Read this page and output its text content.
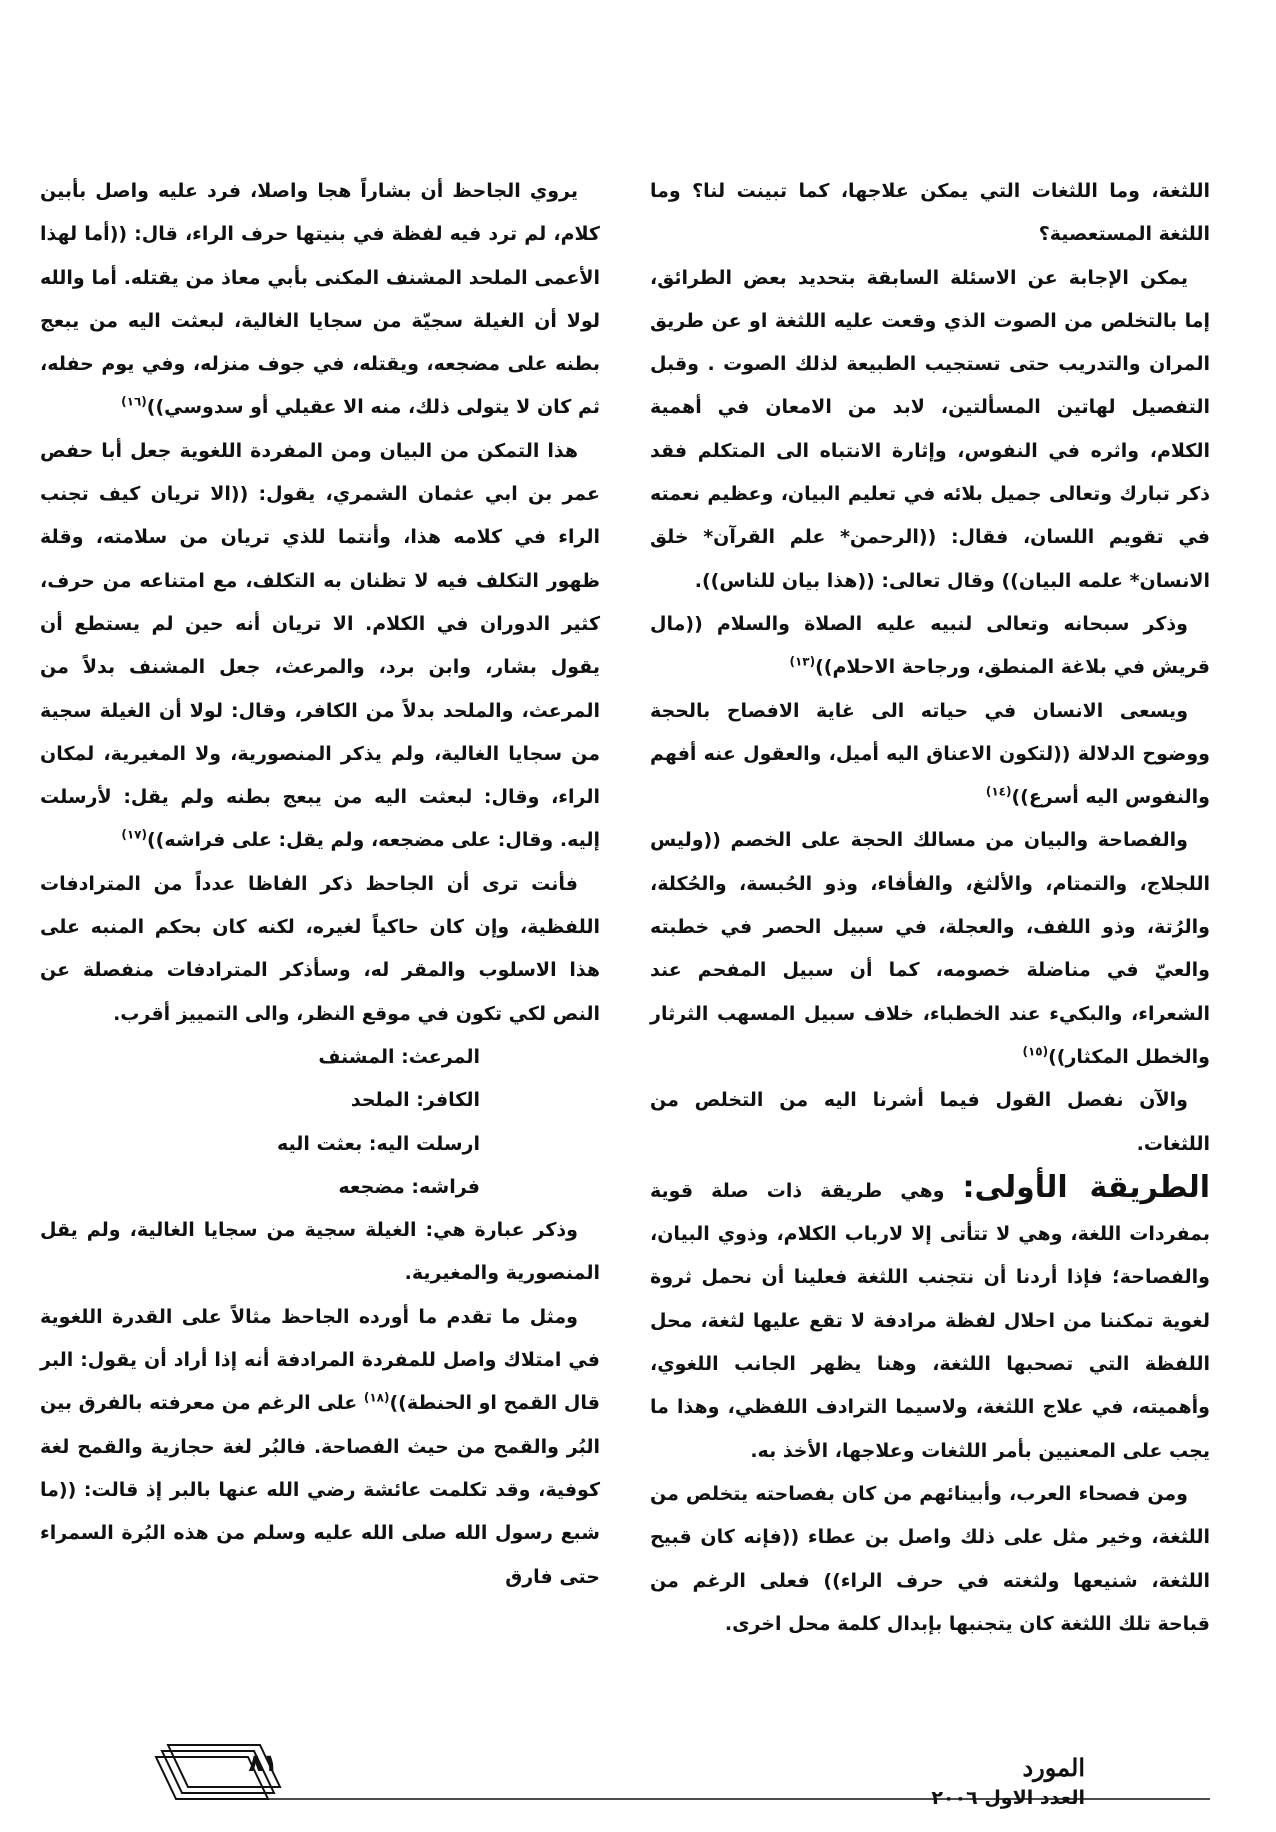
اللثغة، وما اللثغات التي يمكن علاجها، كما تبينت لنا؟ وما اللثغة المستعصية؟

يمكن الإجابة عن الاسئلة السابقة بتحديد بعض الطرائق، إما بالتخلص من الصوت الذي وقعت عليه اللثغة او عن طريق المران والتدريب حتى تستجيب الطبيعة لذلك الصوت . وقبل التفصيل لهاتين المسألتين، لابد من الامعان في أهمية الكلام، واثره في النفوس، وإثارة الانتباه الى المتكلم فقد ذكر تبارك وتعالى جميل بلائه في تعليم البيان، وعظيم نعمته في تقويم اللسان، فقال: ((الرحمن* علم القرآن* خلق الانسان* علمه البيان)) وقال تعالى: ((هذا بيان للناس)).

وذكر سبحانه وتعالى لنبيه عليه الصلاة والسلام ((مال قريش في بلاغة المنطق، ورجاحة الاحلام))$^{(١٣)}$

ويسعى الانسان في حياته الى غاية الافصاح بالحجة ووضوح الدلالة ((لتكون الاعناق اليه أميل، والعقول عنه أفهم والنفوس اليه أسرع))$^{(١٤)}$

والفصاحة والبيان من مسالك الحجة على الخصم ((وليس اللجلاج، والتمتام، والألثغ، والفأفاء، وذو الحُبسة، والحُكلة، والرُتة، وذو اللفف، والعجلة، في سبيل الحصر في خطبته والعيّ في مناضلة خصومه، كما أن سبيل المفحم عند الشعراء، والبكيء عند الخطباء، خلاف سبيل المسهب الثرثار والخطل المكثار))$^{(١٥)}$

والآن نفصل القول فيما أشرنا اليه من التخلص من اللثغات.

الطريقة الأولى: وهي طريقة ذات صلة قوية بمفردات اللغة، وهي لا تتأتى إلا لارباب الكلام، وذوي البيان، والفصاحة؛ فإذا أردنا أن نتجنب اللثغة فعلينا أن نحمل ثروة لغوية تمكننا من احلال لفظة مرادفة لا تقع عليها لثغة، محل اللفظة التي تصحبها اللثغة، وهنا يظهر الجانب اللغوي، وأهميته، في علاج اللثغة، ولاسيما الترادف اللفظي، وهذا ما يجب على المعنيين بأمر اللثغات وعلاجها، الأخذ به.

ومن فصحاء العرب، وأبينائهم من كان بفصاحته يتخلص من اللثغة، وخير مثل على ذلك واصل بن عطاء ((فإنه كان قبيح اللثغة، شنيعها ولثغته في حرف الراء)) فعلى الرغم من قباحة تلك اللثغة كان يتجنبها بإبدال كلمة محل اخرى.

يروي الجاحظ أن بشاراً هجا واصلا، فرد عليه واصل بأبين كلام، لم ترد فيه لفظة في بنيتها حرف الراء، قال: ((أما لهذا الأعمى الملحد المشنف المكنى بأبي معاذ من يقتله. أما والله لولا أن الغيلة سجيّة من سجايا الغالية، لبعثت اليه من يبعج بطنه على مضجعه، ويقتله، في جوف منزله، وفي يوم حفله، ثم كان لا يتولى ذلك، منه الا عقيلي أو سدوسي))$^{(١٦)}$

هذا التمكن من البيان ومن المفردة اللغوية جعل أبا حفص عمر بن ابي عثمان الشمري، يقول: ((الا تريان كيف تجنب الراء في كلامه هذا، وأنتما للذي تريان من سلامته، وقلة ظهور التكلف فيه لا تظنان به التكلف، مع امتناعه من حرف، كثير الدوران في الكلام. الا تريان أنه حين لم يستطع أن يقول بشار، وابن برد، والمرعث، جعل المشنف بدلاً من المرعث، والملحد بدلاً من الكافر، وقال: لولا أن الغيلة سجية من سجايا الغالية، ولم يذكر المنصورية، ولا المغيرية، لمكان الراء، وقال: لبعثت اليه من يبعج بطنه ولم يقل: لأرسلت إليه. وقال: على مضجعه، ولم يقل: على فراشه))$^{(١٧)}$

فأنت ترى أن الجاحظ ذكر الفاظا عدداً من المترادفات اللفظية، وإن كان حاكياً لغيره، لكنه كان بحكم المنبه على هذا الاسلوب والمقر له، وسأذكر المترادفات منفصلة عن النص لكي تكون في موقع النظر، والى التمييز أقرب.

المرعث: المشنف

الكافر: الملحد

ارسلت اليه: بعثت اليه

فراشه: مضجعه

وذكر عبارة هي: الغيلة سجية من سجايا الغالية، ولم يقل المنصورية والمغيرية.

ومثل ما تقدم ما أورده الجاحظ مثالاً على القدرة اللغوية في امتلاك واصل للمفردة المرادفة أنه إذا أراد أن يقول: البر قال القمح او الحنطة))$^{(١٨)}$ على الرغم من معرفته بالفرق بين البُر والقمح من حيث الفصاحة. فالبُر لغة حجازية والقمح لغة كوفية، وقد تكلمت عائشة رضي الله عنها بالبر إذ قالت: ((ما شبع رسول الله صلى الله عليه وسلم من هذه البُرة السمراء حتى فارق

٨١	المورد
العدد الاول ٢٠٠٦
